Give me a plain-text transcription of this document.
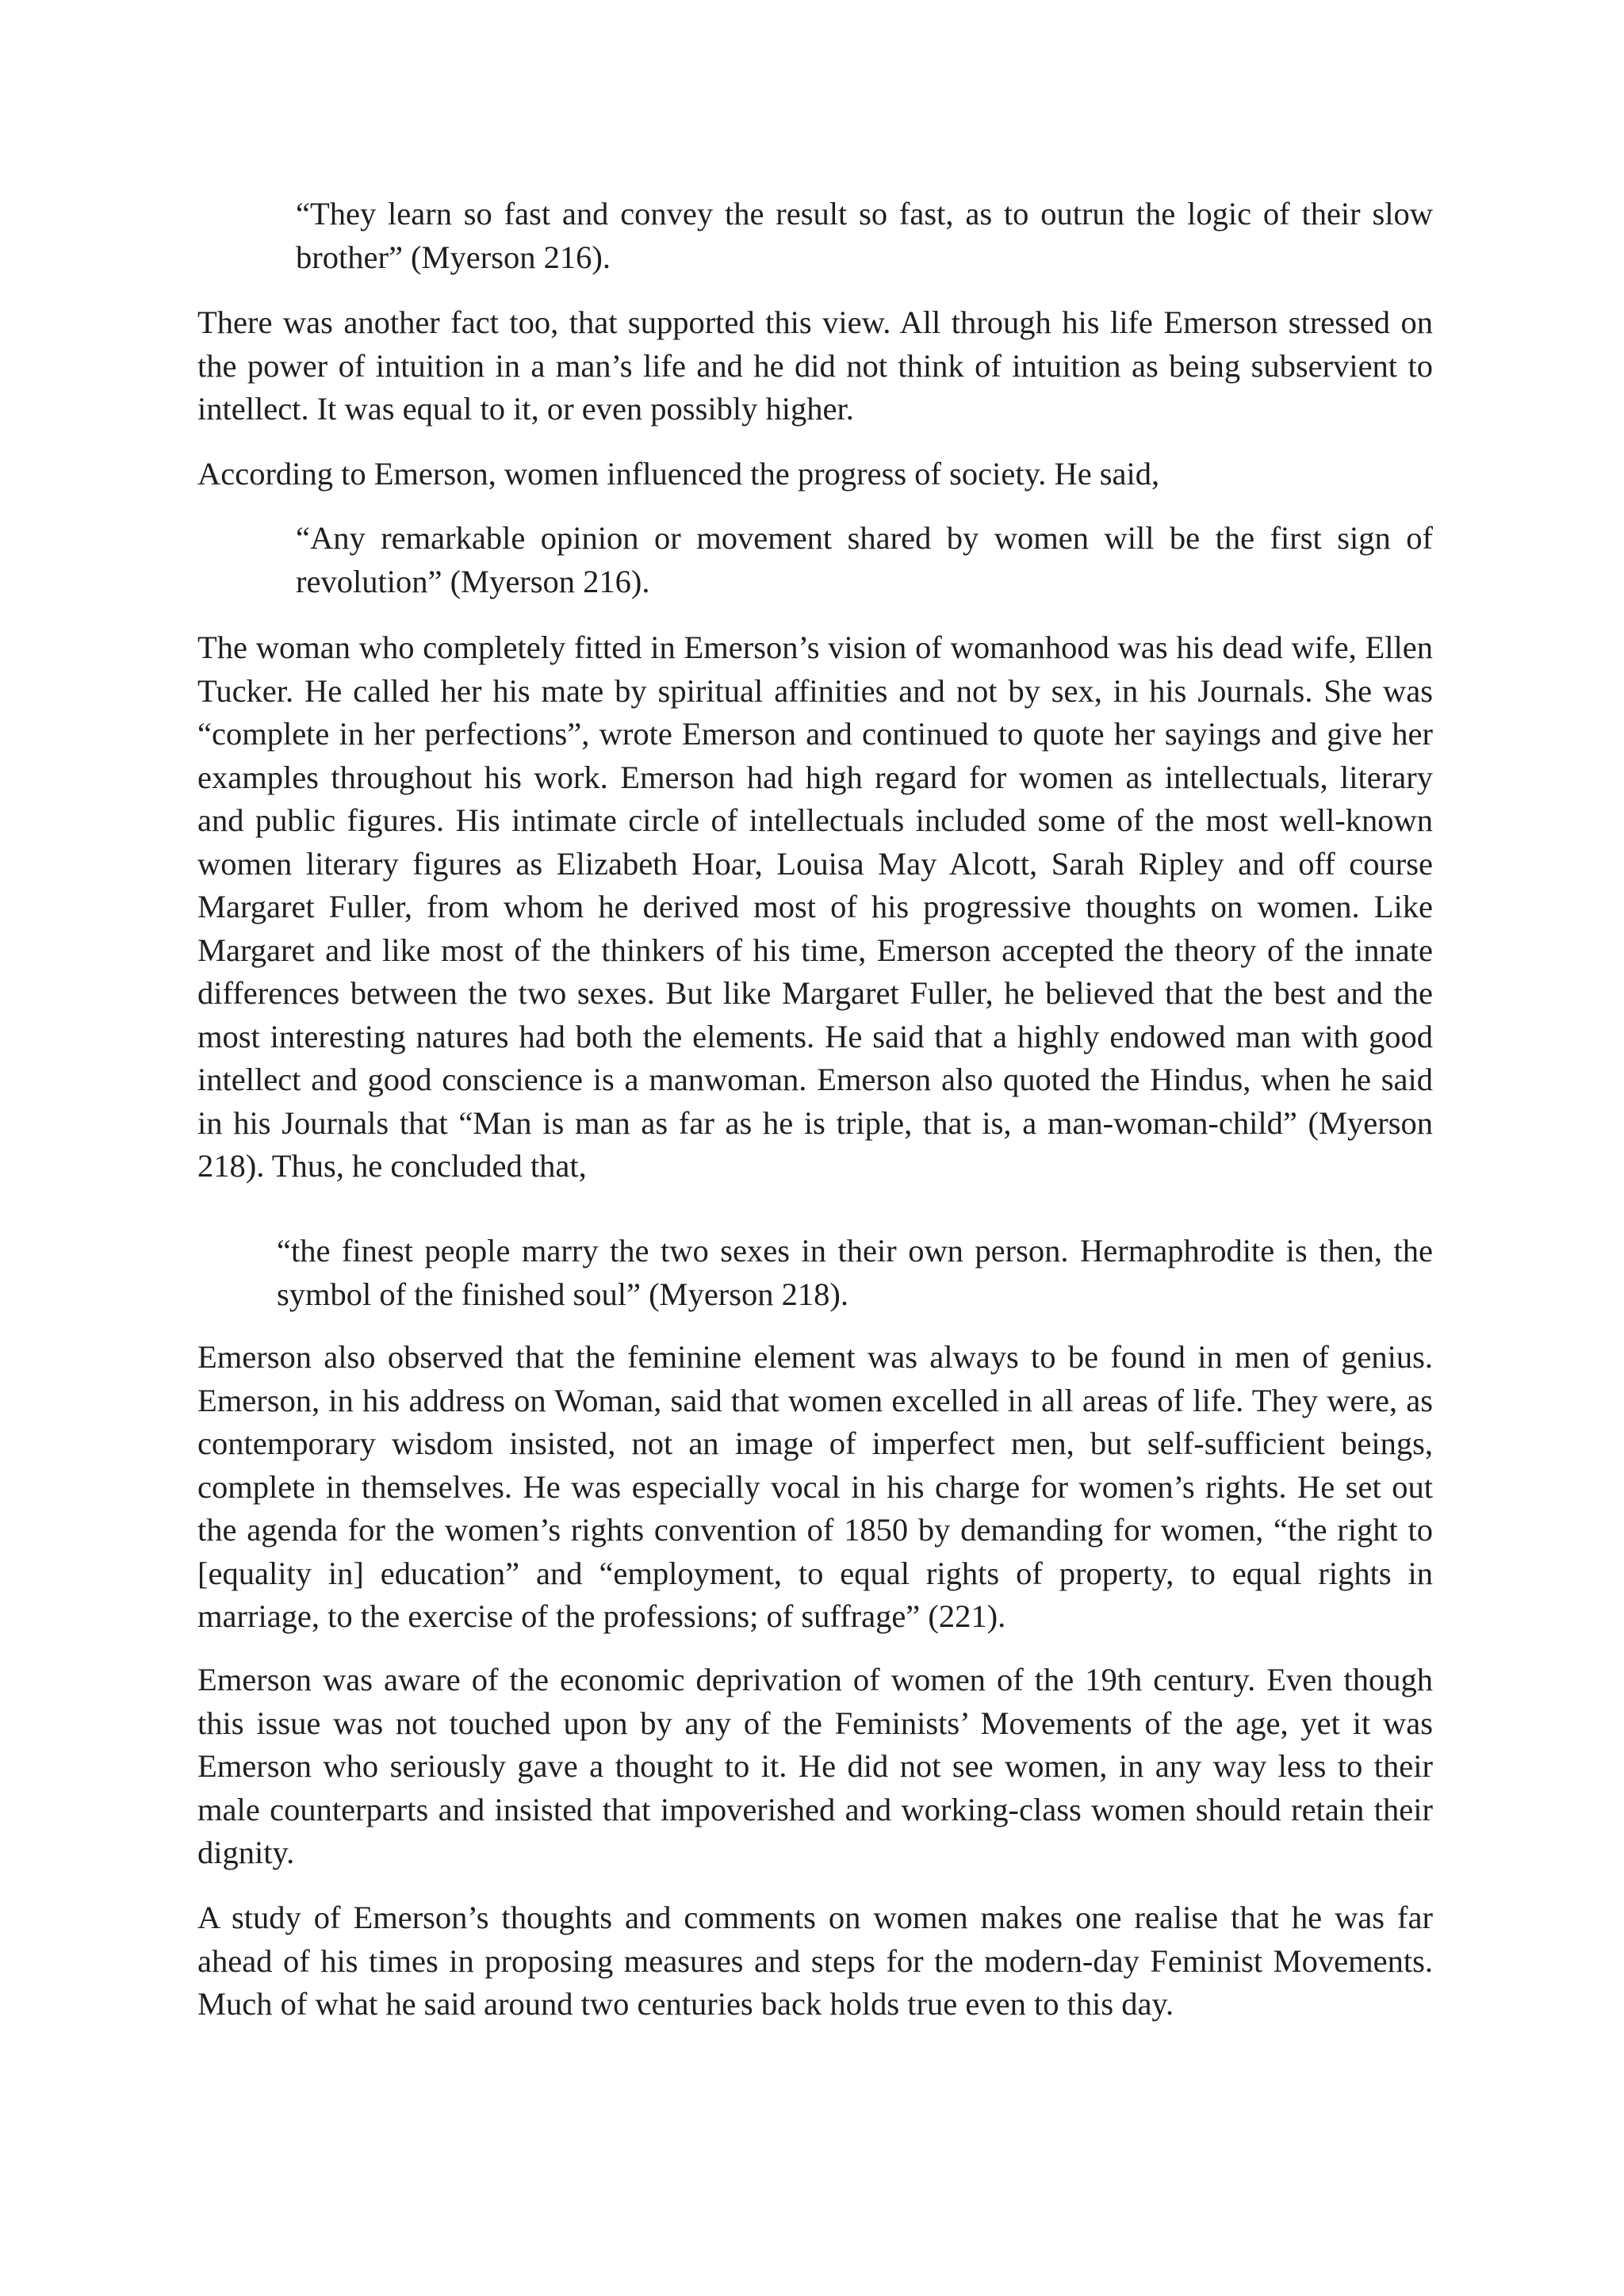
“They learn so fast and convey the result so fast, as to outrun the logic of their slow brother” (Myerson 216).

There was another fact too, that supported this view. All through his life Emerson stressed on the power of intuition in a man’s life and he did not think of intuition as being subservient to intellect. It was equal to it, or even possibly higher.

According to Emerson, women influenced the progress of society. He said,

“Any remarkable opinion or movement shared by women will be the first sign of revolution” (Myerson 216).

The woman who completely fitted in Emerson’s vision of womanhood was his dead wife, Ellen Tucker. He called her his mate by spiritual affinities and not by sex, in his Journals. She was “complete in her perfections”, wrote Emerson and continued to quote her sayings and give her examples throughout his work. Emerson had high regard for women as intellectuals, literary and public figures. His intimate circle of intellectuals included some of the most well-known women literary figures as Elizabeth Hoar, Louisa May Alcott, Sarah Ripley and off course Margaret Fuller, from whom he derived most of his progressive thoughts on women. Like Margaret and like most of the thinkers of his time, Emerson accepted the theory of the innate differences between the two sexes. But like Margaret Fuller, he believed that the best and the most interesting natures had both the elements. He said that a highly endowed man with good intellect and good conscience is a manwoman. Emerson also quoted the Hindus, when he said in his Journals that “Man is man as far as he is triple, that is, a man-woman-child” (Myerson 218). Thus, he concluded that,

“the finest people marry the two sexes in their own person. Hermaphrodite is then, the symbol of the finished soul” (Myerson 218).

Emerson also observed that the feminine element was always to be found in men of genius. Emerson, in his address on Woman, said that women excelled in all areas of life. They were, as contemporary wisdom insisted, not an image of imperfect men, but self-sufficient beings, complete in themselves. He was especially vocal in his charge for women’s rights. He set out the agenda for the women’s rights convention of 1850 by demanding for women, “the right to [equality in] education” and “employment, to equal rights of property, to equal rights in marriage, to the exercise of the professions; of suffrage” (221).

Emerson was aware of the economic deprivation of women of the 19th century. Even though this issue was not touched upon by any of the Feminists’ Movements of the age, yet it was Emerson who seriously gave a thought to it. He did not see women, in any way less to their male counterparts and insisted that impoverished and working-class women should retain their dignity.

A study of Emerson’s thoughts and comments on women makes one realise that he was far ahead of his times in proposing measures and steps for the modern-day Feminist Movements. Much of what he said around two centuries back holds true even to this day.
